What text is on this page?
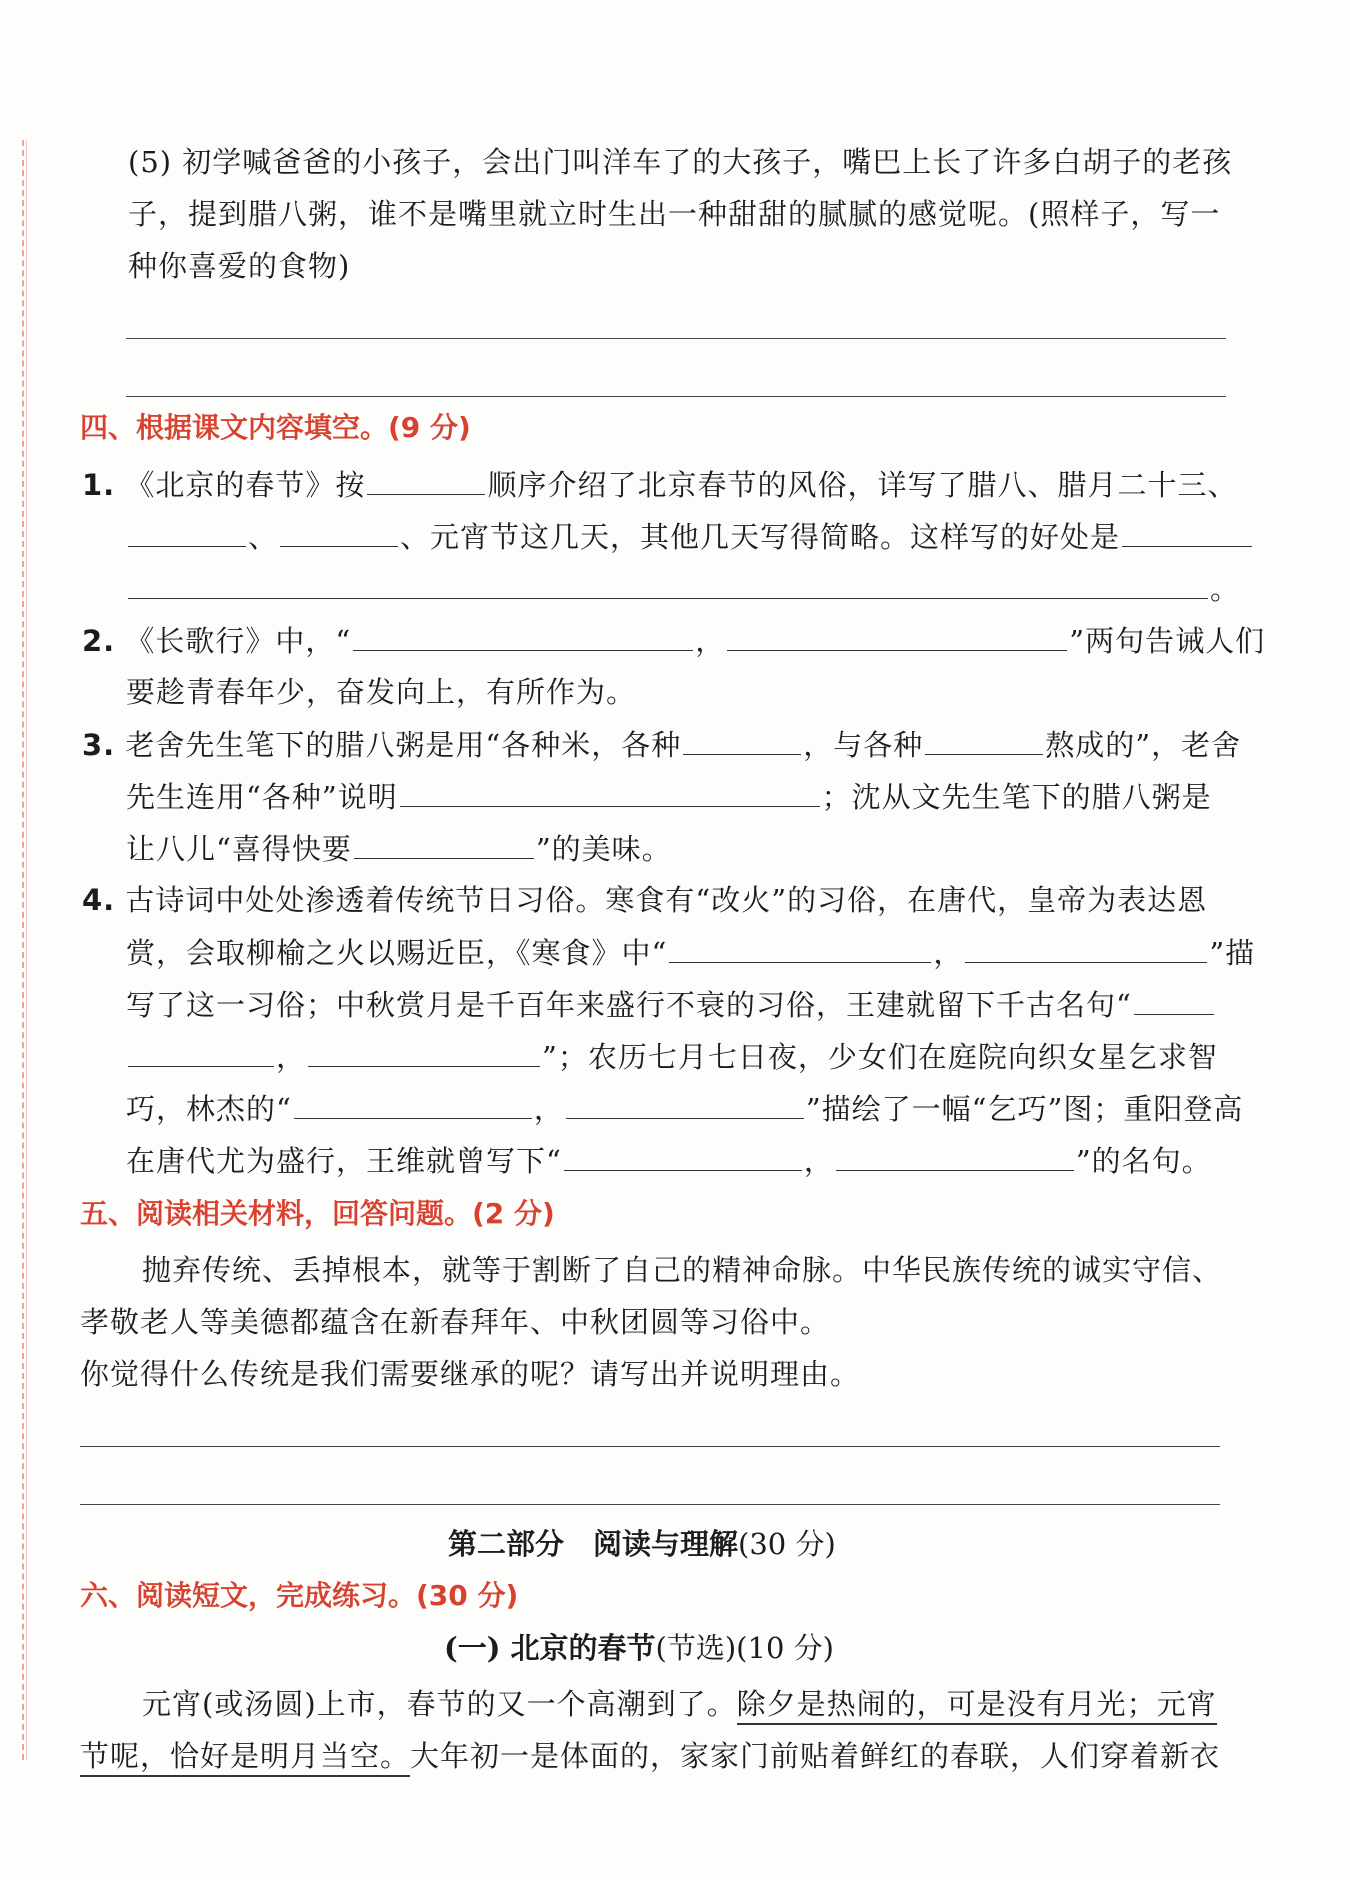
(5) 初学喊爸爸的小孩子，会出门叫洋车了的大孩子，嘴巴上长了许多白胡子的老孩
子，提到腊八粥，谁不是嘴里就立时生出一种甜甜的腻腻的感觉呢。(照样子，写一
种你喜爱的食物)
四、根据课文内容填空。(9 分)
1. 《北京的春节》按	顺序介绍了北京春节的风俗，详写了腊八、腊月二十三、
、	、元宵节这几天，其他几天写得简略。这样写的好处是
。
2. 《长歌行》中，“	，	”两句告诫人们
要趁青春年少，奋发向上，有所作为。
3. 老舍先生笔下的腊八粥是用“各种米，各种	，与各种	熬成的”，老舍
先生连用“各种”说明	；沈从文先生笔下的腊八粥是
让八儿“喜得快要	”的美味。
4. 古诗词中处处渗透着传统节日习俗。寒食有“改火”的习俗，在唐代，皇帝为表达恩
赏，会取柳榆之火以赐近臣，《寒食》中“	，	”描
写了这一习俗；中秋赏月是千百年来盛行不衰的习俗，王建就留下千古名句“
，	”；农历七月七日夜，少女们在庭院向织女星乞求智
巧，林杰的“	，	”描绘了一幅“乞巧”图；重阳登高
在唐代尤为盛行，王维就曾写下“	，	”的名句。
五、阅读相关材料，回答问题。(2 分)
抛弃传统、丢掉根本，就等于割断了自己的精神命脉。中华民族传统的诚实守信、
孝敬老人等美德都蕴含在新春拜年、中秋团圆等习俗中。
你觉得什么传统是我们需要继承的呢？请写出并说明理由。
第二部分　阅读与理解(30 分)
六、阅读短文，完成练习。(30 分)
(一) 北京的春节(节选)(10 分)
元宵(或汤圆)上市，春节的又一个高潮到了。除夕是热闹的，可是没有月光；元宵
节呢，恰好是明月当空。大年初一是体面的，家家门前贴着鲜红的春联，人们穿着新衣
